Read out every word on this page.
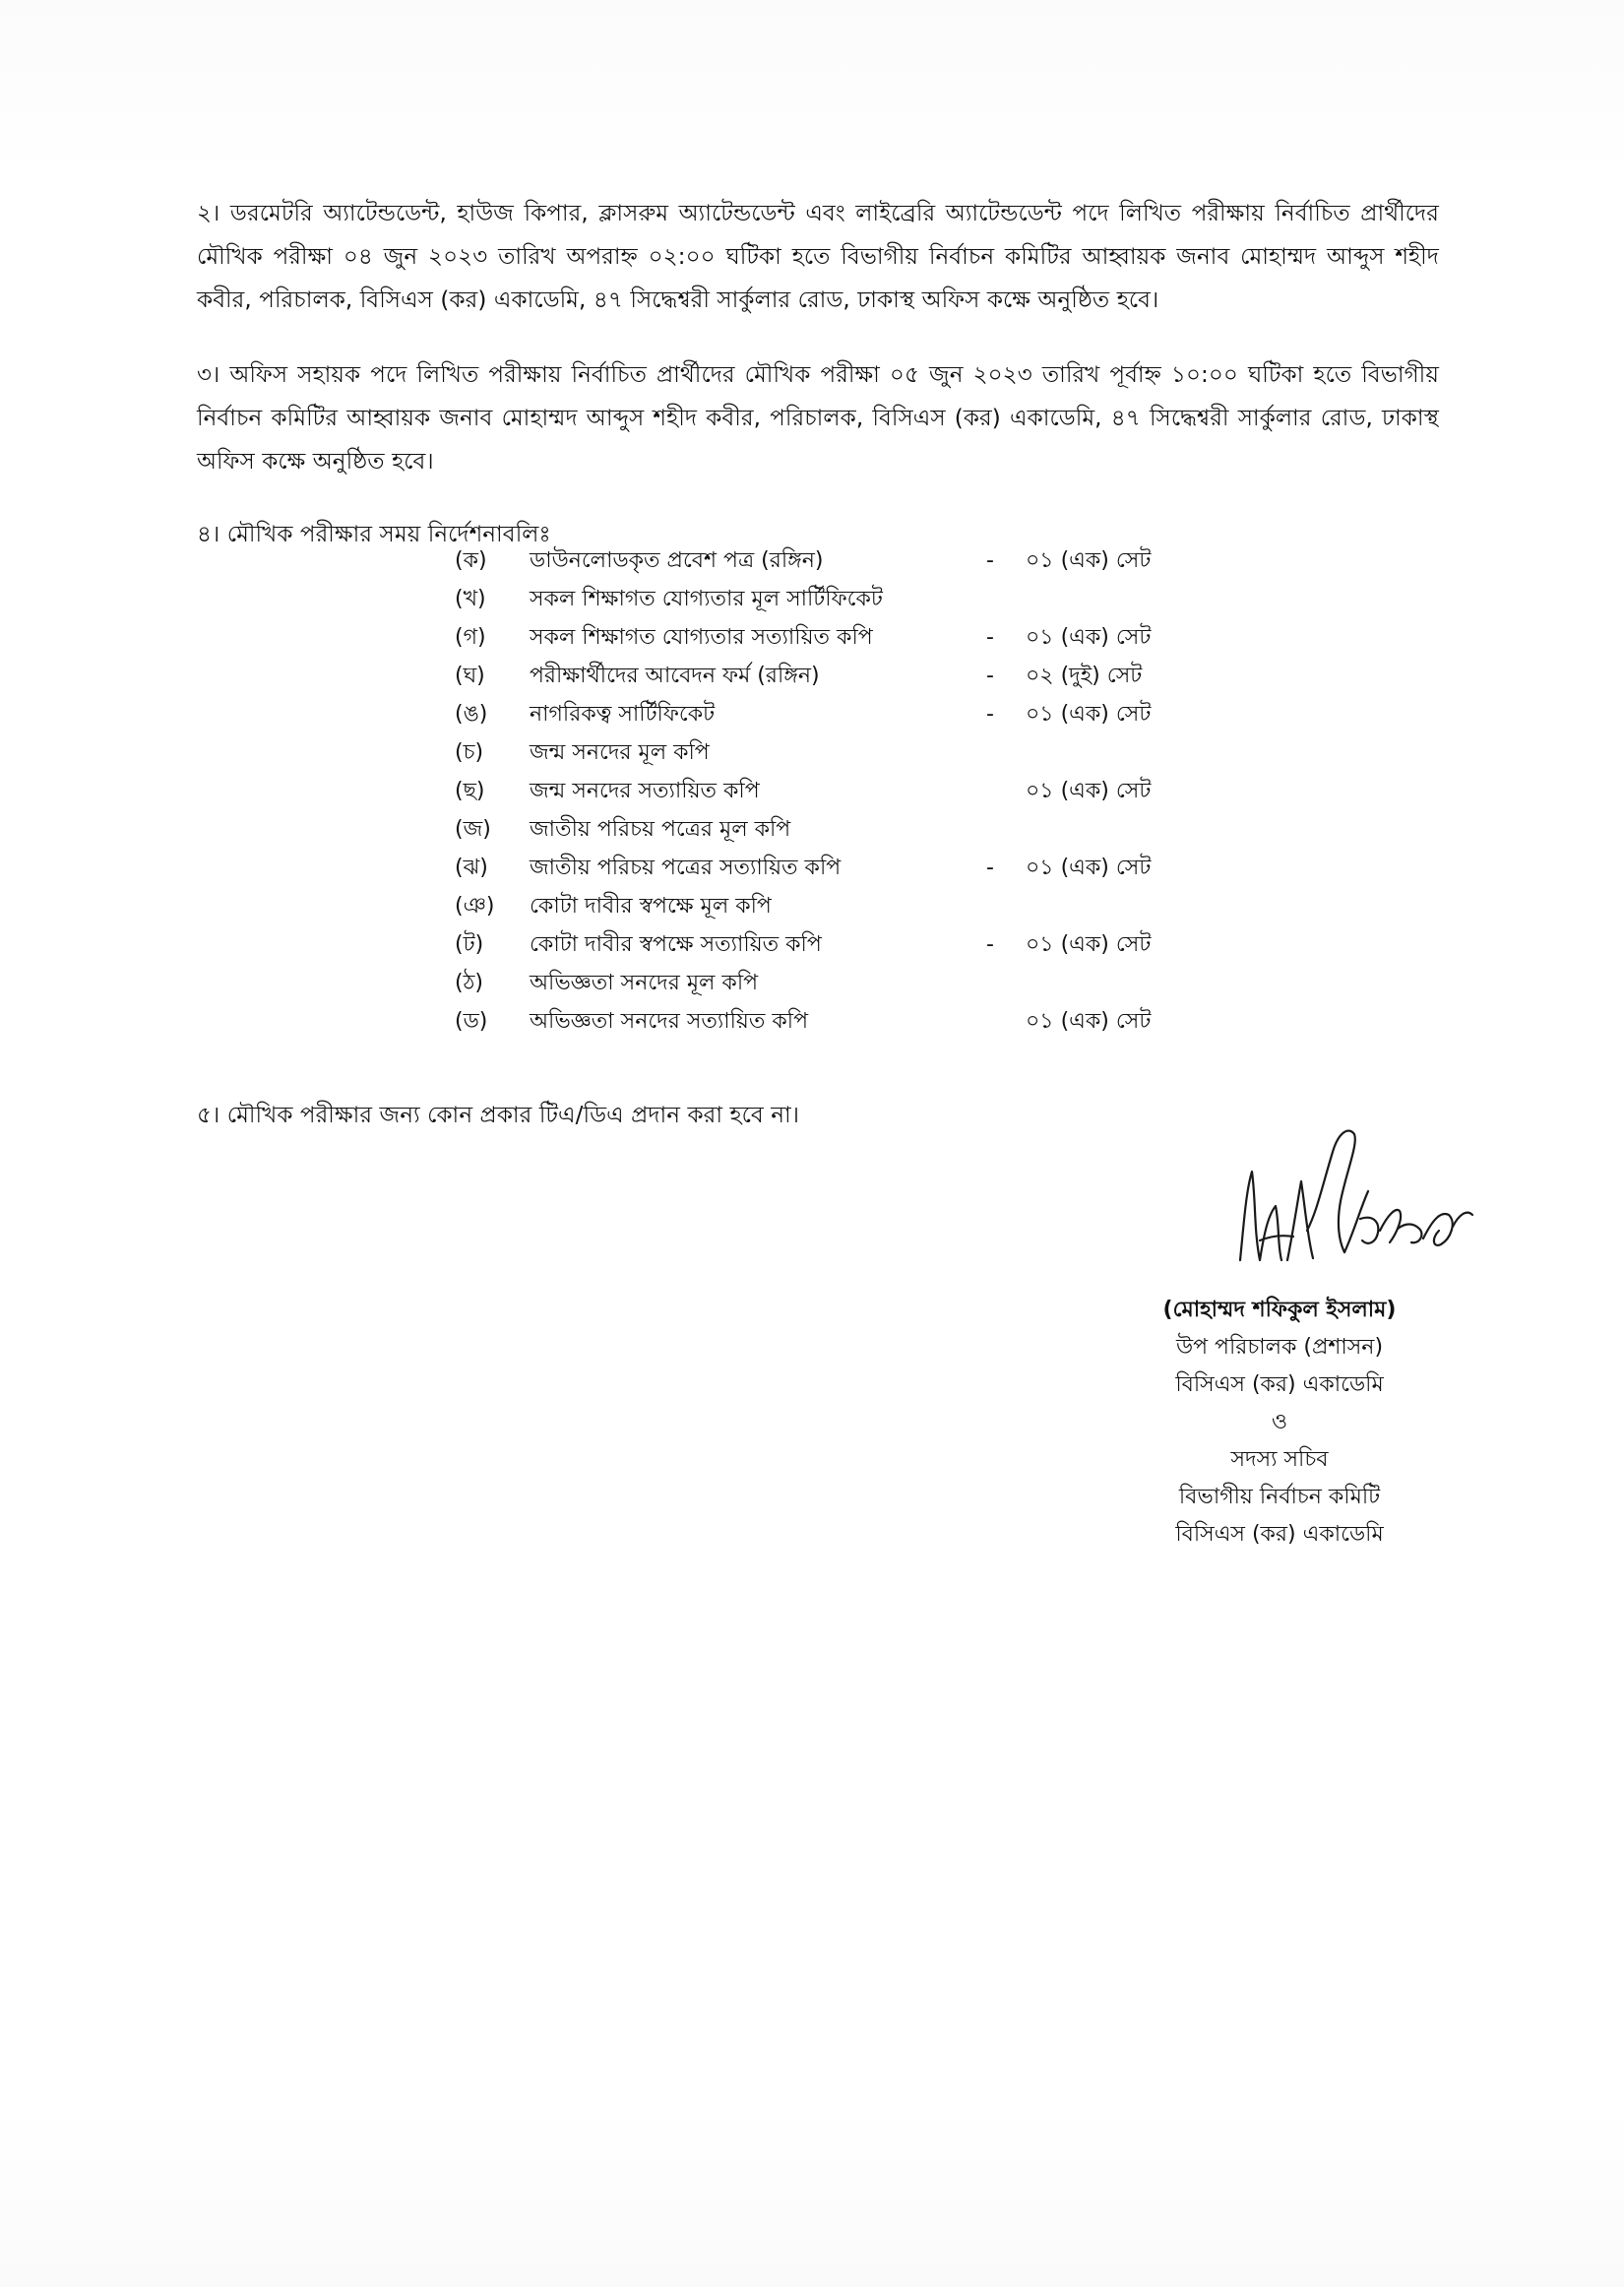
২। ডরমেটরি অ্যাটেন্ডডেন্ট, হাউজ কিপার, ক্লাসরুম অ্যাটেন্ডডেন্ট এবং লাইব্রেরি অ্যাটেন্ডডেন্ট পদে লিখিত পরীক্ষায় নির্বাচিত প্রার্থীদের মৌখিক পরীক্ষা ০৪ জুন ২০২৩ তারিখ অপরাহ্ন ০২:০০ ঘটিকা হতে বিভাগীয় নির্বাচন কমিটির আহ্বায়ক জনাব মোহাম্মদ আব্দুস শহীদ কবীর, পরিচালক, বিসিএস (কর) একাডেমি, ৪৭ সিদ্ধেশ্বরী সার্কুলার রোড, ঢাকাস্থ অফিস কক্ষে অনুষ্ঠিত হবে।

৩। অফিস সহায়ক পদে লিখিত পরীক্ষায় নির্বাচিত প্রার্থীদের মৌখিক পরীক্ষা ০৫ জুন ২০২৩ তারিখ পূর্বাহ্ন ১০:০০ ঘটিকা হতে বিভাগীয় নির্বাচন কমিটির আহ্বায়ক জনাব মোহাম্মদ আব্দুস শহীদ কবীর, পরিচালক, বিসিএস (কর) একাডেমি, ৪৭ সিদ্ধেশ্বরী সার্কুলার রোড, ঢাকাস্থ অফিস কক্ষে অনুষ্ঠিত হবে।

৪। মৌখিক পরীক্ষার সময় নির্দেশনাবলিঃ

(ক) ডাউনলোডকৃত প্রবেশ পত্র (রঙ্গিন)	- ০১ (এক) সেট
(খ) সকল শিক্ষাগত যোগ্যতার মূল সার্টিফিকেট
(গ) সকল শিক্ষাগত যোগ্যতার সত্যায়িত কপি	- ০১ (এক) সেট
(ঘ) পরীক্ষার্থীদের আবেদন ফর্ম (রঙ্গিন)	- ০২ (দুই) সেট
(ঙ) নাগরিকত্ব সার্টিফিকেট	- ০১ (এক) সেট
(চ) জন্ম সনদের মূল কপি
(ছ) জন্ম সনদের সত্যায়িত কপি	০১ (এক) সেট
(জ) জাতীয় পরিচয় পত্রের মূল কপি
(ঝ) জাতীয় পরিচয় পত্রের সত্যায়িত কপি	- ০১ (এক) সেট
(ঞ) কোটা দাবীর স্বপক্ষে মূল কপি
(ট) কোটা দাবীর স্বপক্ষে সত্যায়িত কপি	- ০১ (এক) সেট
(ঠ) অভিজ্ঞতা সনদের মূল কপি
(ড) অভিজ্ঞতা সনদের সত্যায়িত কপি	০১ (এক) সেট

৫। মৌখিক পরীক্ষার জন্য কোন প্রকার টিএ/ডিএ প্রদান করা হবে না।

(মোহাম্মদ শফিকুল ইসলাম)
উপ পরিচালক (প্রশাসন)
বিসিএস (কর) একাডেমি
ও
সদস্য সচিব
বিভাগীয় নির্বাচন কমিটি
বিসিএস (কর) একাডেমি
